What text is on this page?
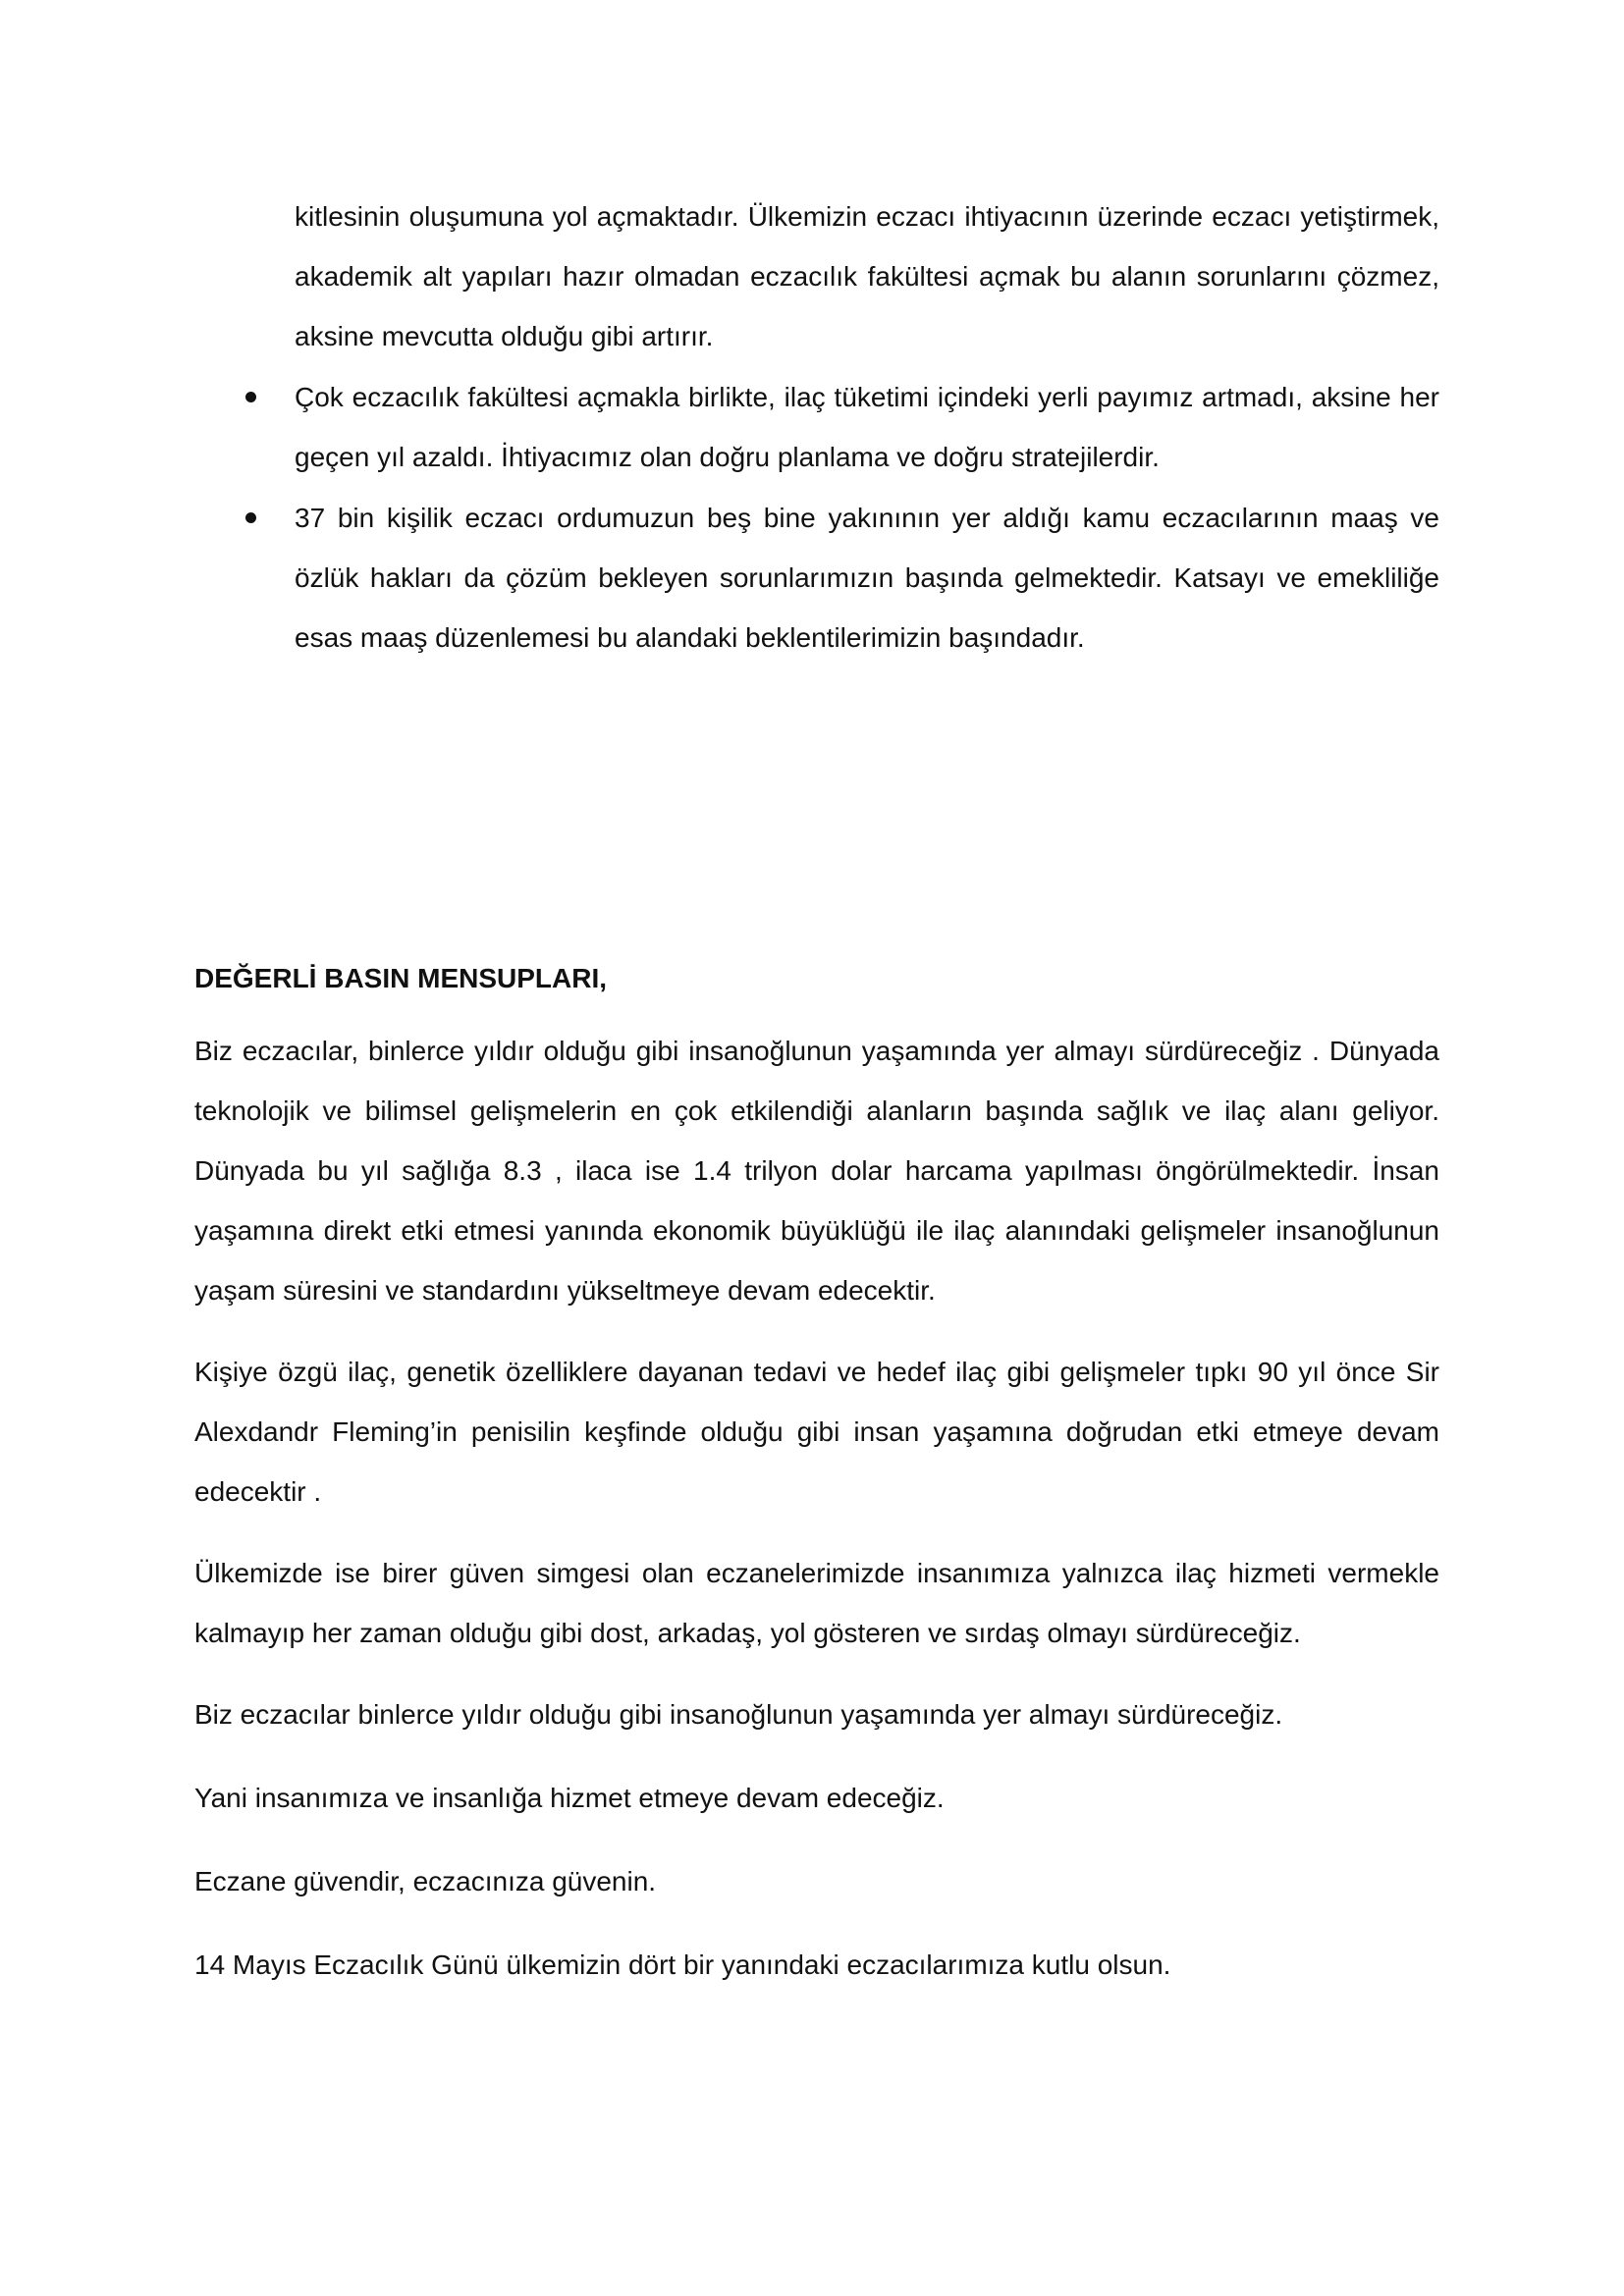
kitlesinin oluşumuna yol açmaktadır. Ülkemizin eczacı ihtiyacının üzerinde eczacı yetiştirmek, akademik alt yapıları hazır olmadan eczacılık fakültesi açmak bu alanın sorunlarını çözmez, aksine mevcutta olduğu gibi artırır.
Çok eczacılık fakültesi açmakla birlikte, ilaç tüketimi içindeki yerli payımız artmadı, aksine her geçen yıl azaldı. İhtiyacımız olan doğru planlama ve doğru stratejilerdir.
37 bin kişilik eczacı ordumuzun beş bine yakınının yer aldığı kamu eczacılarının maaş ve özlük hakları da çözüm bekleyen sorunlarımızın başında gelmektedir. Katsayı ve emekliliğe esas maaş düzenlemesi bu alandaki beklentilerimizin başındadır.
DEĞERLİ BASIN MENSUPLARI,

Biz eczacılar, binlerce yıldır olduğu gibi insanoğlunun yaşamında yer almayı sürdüreceğiz . Dünyada teknolojik ve bilimsel gelişmelerin en çok etkilendiği alanların başında sağlık ve ilaç alanı geliyor. Dünyada bu yıl sağlığa 8.3 , ilaca ise 1.4 trilyon dolar harcama yapılması öngörülmektedir. İnsan yaşamına direkt etki etmesi yanında ekonomik büyüklüğü ile ilaç alanındaki gelişmeler insanoğlunun yaşam süresini ve standardını yükseltmeye devam edecektir.

Kişiye özgü ilaç, genetik özelliklere dayanan tedavi ve hedef ilaç gibi gelişmeler tıpkı 90 yıl önce Sir Alexdandr Fleming’in penisilin keşfinde olduğu gibi insan yaşamına doğrudan etki etmeye devam edecektir .

Ülkemizde ise birer güven simgesi olan eczanelerimizde insanımıza yalnızca ilaç hizmeti vermekle kalmayıp her zaman olduğu gibi dost, arkadaş, yol gösteren ve sırdaş olmayı sürdüreceğiz.

Biz eczacılar binlerce yıldır olduğu gibi insanoğlunun yaşamında yer almayı sürdüreceğiz.

Yani insanımıza ve insanlığa hizmet etmeye devam edeceğiz.

Eczane güvendir, eczacınıza güvenin.

14 Mayıs Eczacılık Günü ülkemizin dört bir yanındaki eczacılarımıza kutlu olsun.
